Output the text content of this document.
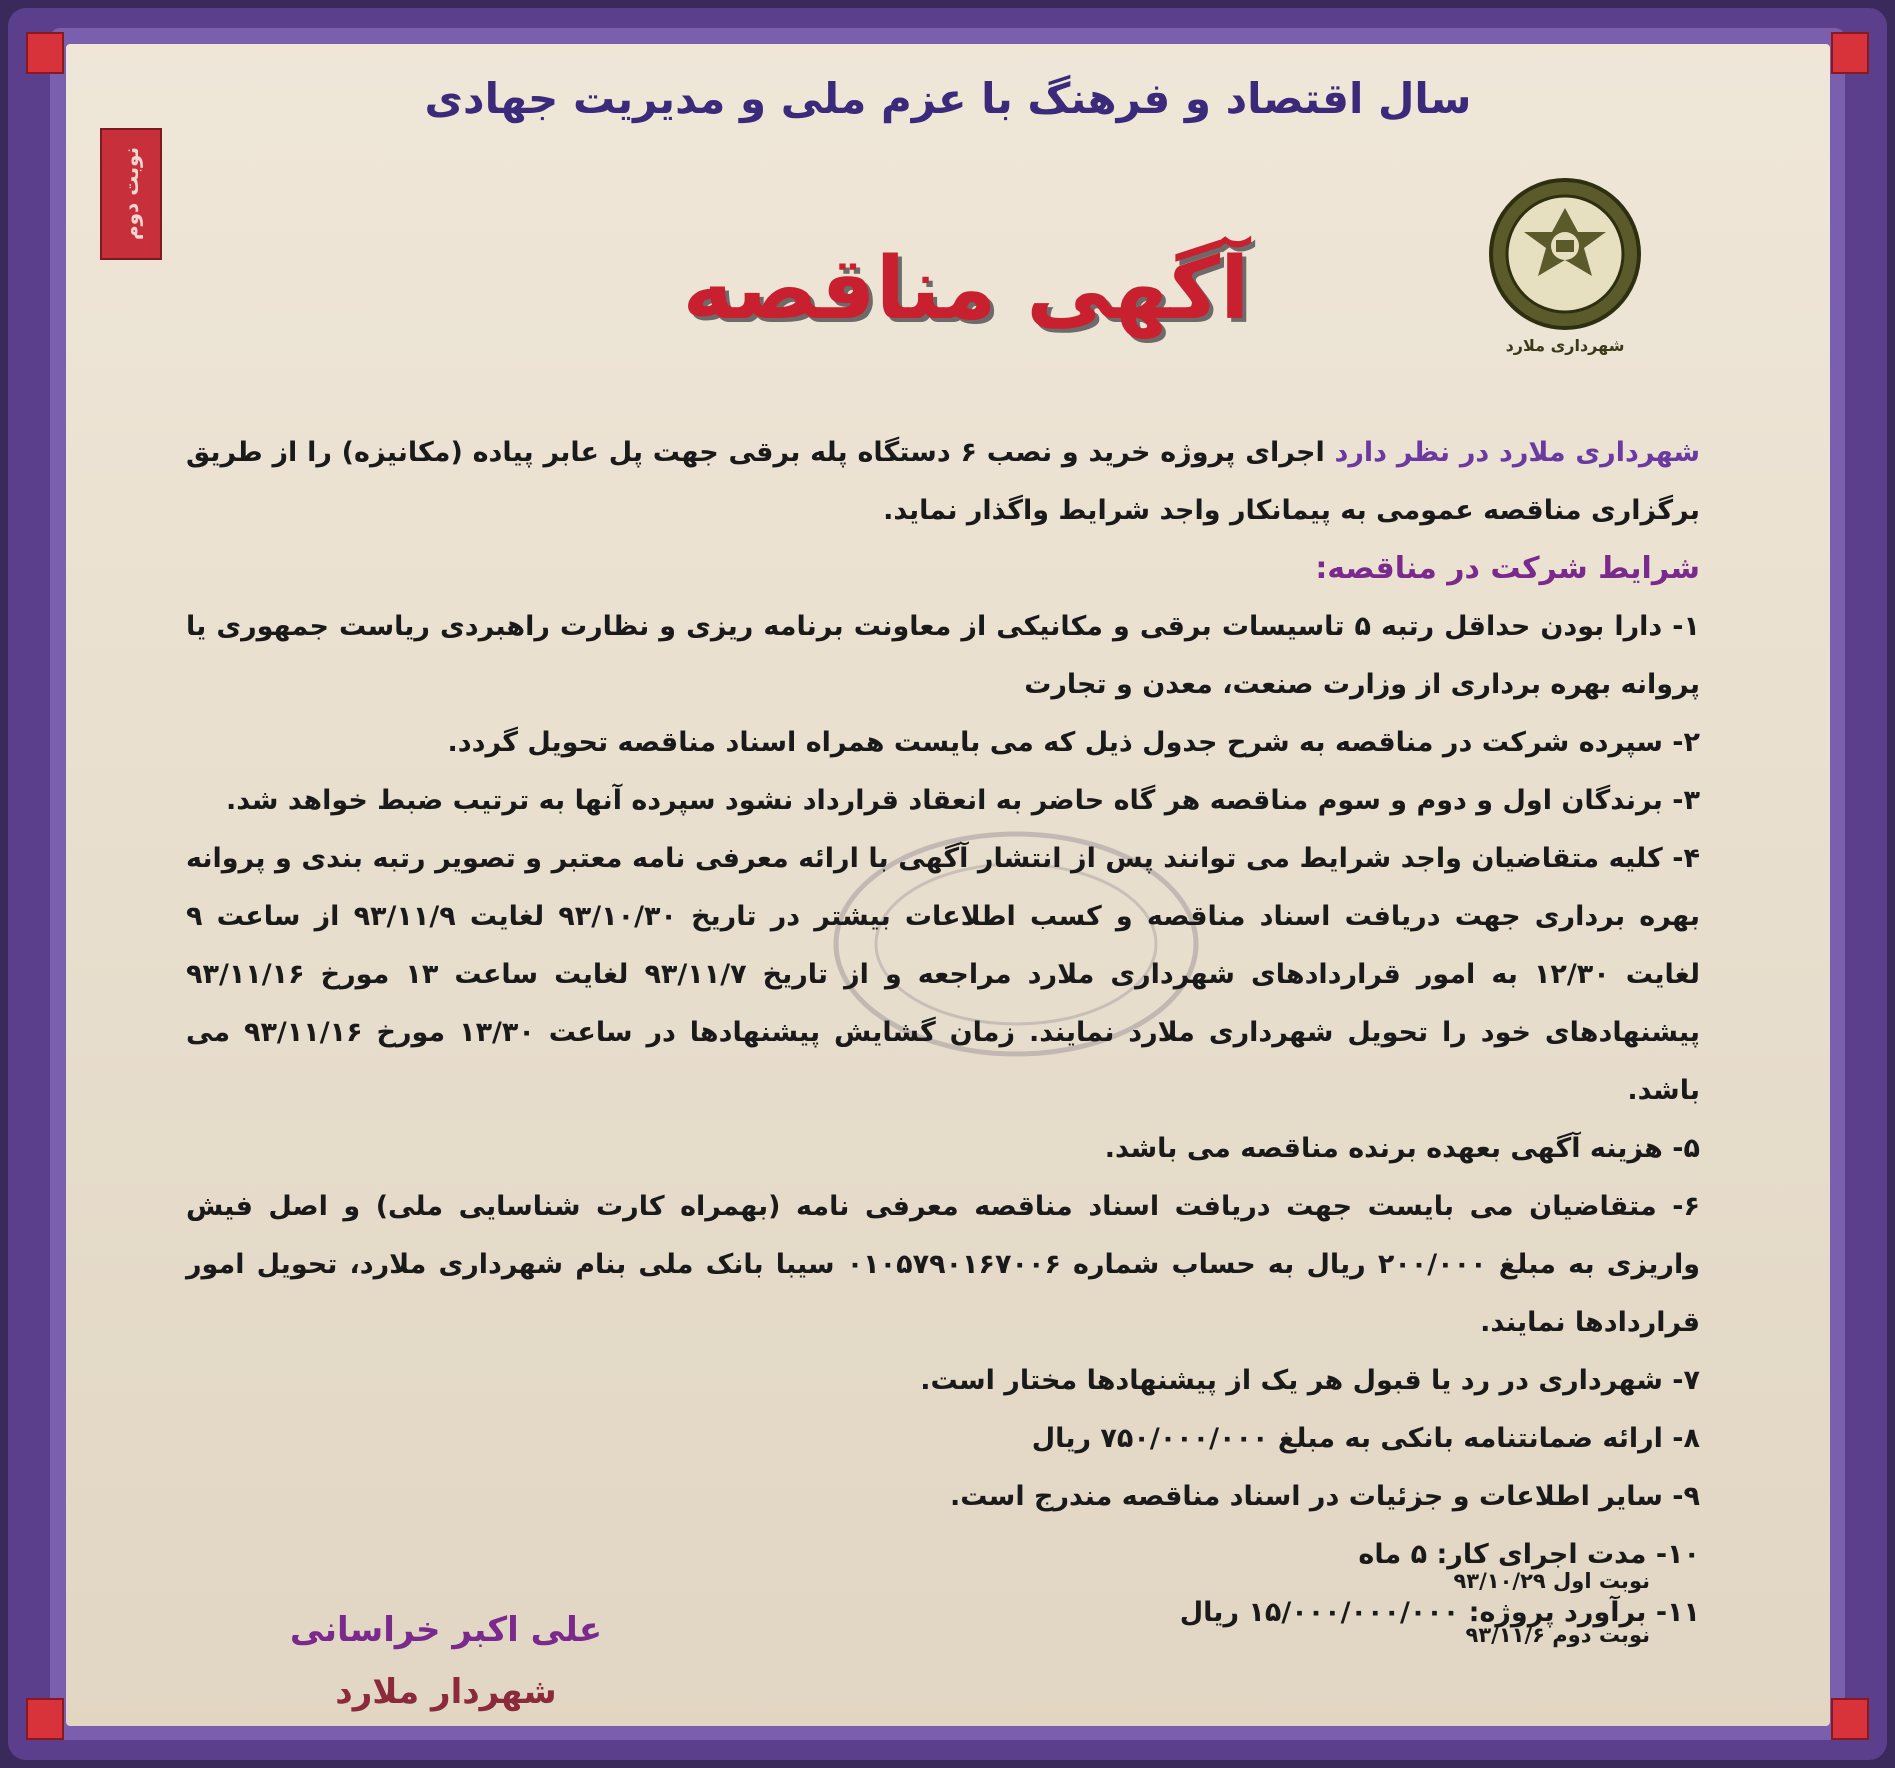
سال اقتصاد و فرهنگ با عزم ملی و مدیریت جهادی
نوبت دوم
شهرداری ملارد
آگهی مناقصه

شهرداری ملارد در نظر دارد اجرای پروژه خرید و نصب ۶ دستگاه پله برقی جهت پل عابر پیاده (مکانیزه) را از طریق برگزاری مناقصه عمومی به پیمانکار واجد شرایط واگذار نماید.

شرایط شرکت در مناقصه:

۱- دارا بودن حداقل رتبه ۵ تاسیسات برقی و مکانیکی از معاونت برنامه ریزی و نظارت راهبردی ریاست جمهوری یا پروانه بهره برداری از وزارت صنعت، معدن و تجارت
۲- سپرده شرکت در مناقصه به شرح جدول ذیل که می بایست همراه اسناد مناقصه تحویل گردد.
۳- برندگان اول و دوم و سوم مناقصه هر گاه حاضر به انعقاد قرارداد نشود سپرده آنها به ترتیب ضبط خواهد شد.
۴- کلیه متقاضیان واجد شرایط می توانند پس از انتشار آگهی با ارائه معرفی نامه معتبر و تصویر رتبه بندی و پروانه بهره برداری جهت دریافت اسناد مناقصه و کسب اطلاعات بیشتر در تاریخ ۹۳/۱۰/۳۰ لغایت ۹۳/۱۱/۹ از ساعت ۹ لغایت ۱۲/۳۰ به امور قراردادهای شهرداری ملارد مراجعه و از تاریخ ۹۳/۱۱/۷ لغایت ساعت ۱۳ مورخ ۹۳/۱۱/۱۶ پیشنهادهای خود را تحویل شهرداری ملارد نمایند. زمان گشایش پیشنهادها در ساعت ۱۳/۳۰ مورخ ۹۳/۱۱/۱۶ می باشد.
۵- هزینه آگهی بعهده برنده مناقصه می باشد.
۶- متقاضیان می بایست جهت دریافت اسناد مناقصه معرفی نامه (بهمراه کارت شناسایی ملی) و اصل فیش واریزی به مبلغ ۲۰۰/۰۰۰ ریال به حساب شماره ۰۱۰۵۷۹۰۱۶۷۰۰۶ سیبا بانک ملی بنام شهرداری ملارد، تحویل امور قراردادها نمایند.
۷- شهرداری در رد یا قبول هر یک از پیشنهادها مختار است.
۸- ارائه ضمانتنامه بانکی به مبلغ ۷۵۰/۰۰۰/۰۰۰ ریال
۹- سایر اطلاعات و جزئیات در اسناد مناقصه مندرج است.
۱۰- مدت اجرای کار: ۵ ماه
۱۱- برآورد پروژه: ۱۵/۰۰۰/۰۰۰/۰۰۰ ریال
نوبت اول ۹۳/۱۰/۲۹
نوبت دوم ۹۳/۱۱/۶
علی اکبر خراسانی
شهردار ملارد
